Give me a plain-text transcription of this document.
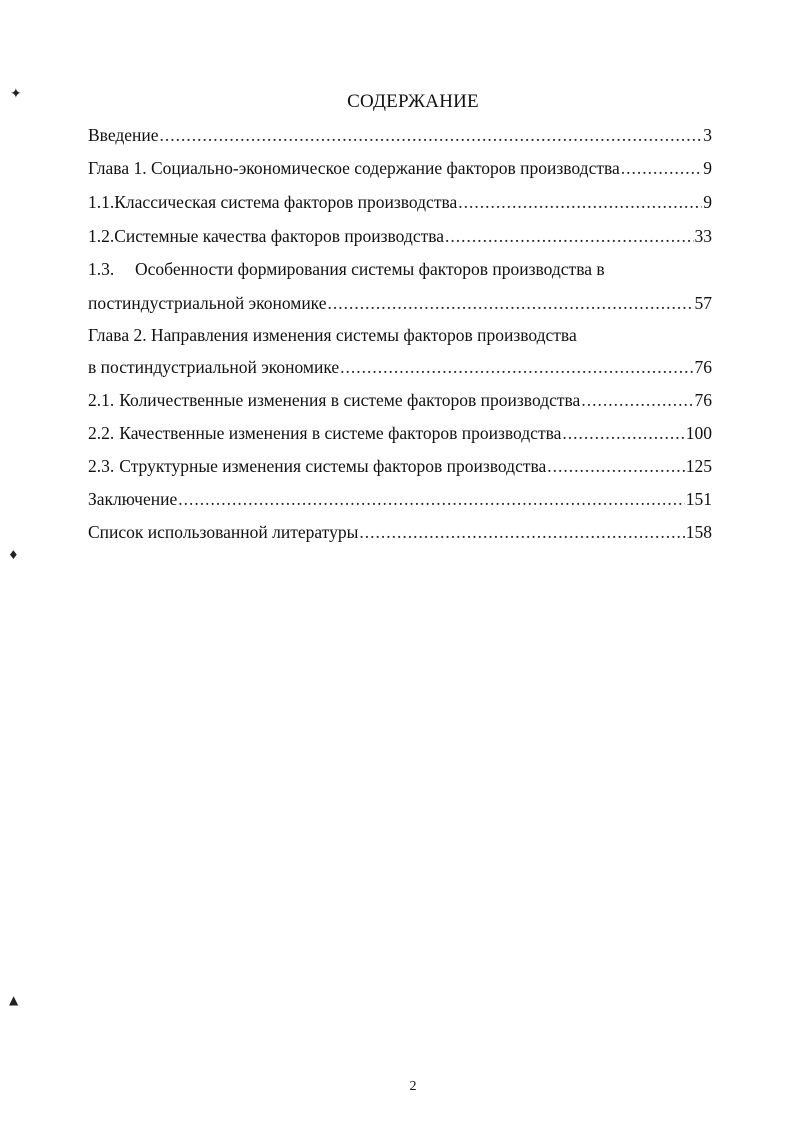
✦
♦
▲
СОДЕРЖАНИЕ
Введение .....	3
Глава 1. Социально-экономическое содержание факторов производства .....	9
1.1. Классическая система факторов производства .....	9
1.2. Системные качества факторов производства .....	33
1.3. Особенности формирования системы факторов производства в
постиндустриальной экономике .....	57
Глава 2. Направления изменения системы факторов производства
в постиндустриальной экономике .....	76
2.1. Количественные изменения в системе факторов производства .....	76
2.2. Качественные изменения в системе факторов производства .....	100
2.3. Структурные изменения системы факторов производства .....	125
Заключение .....	151
Список использованной литературы .....	158
2
